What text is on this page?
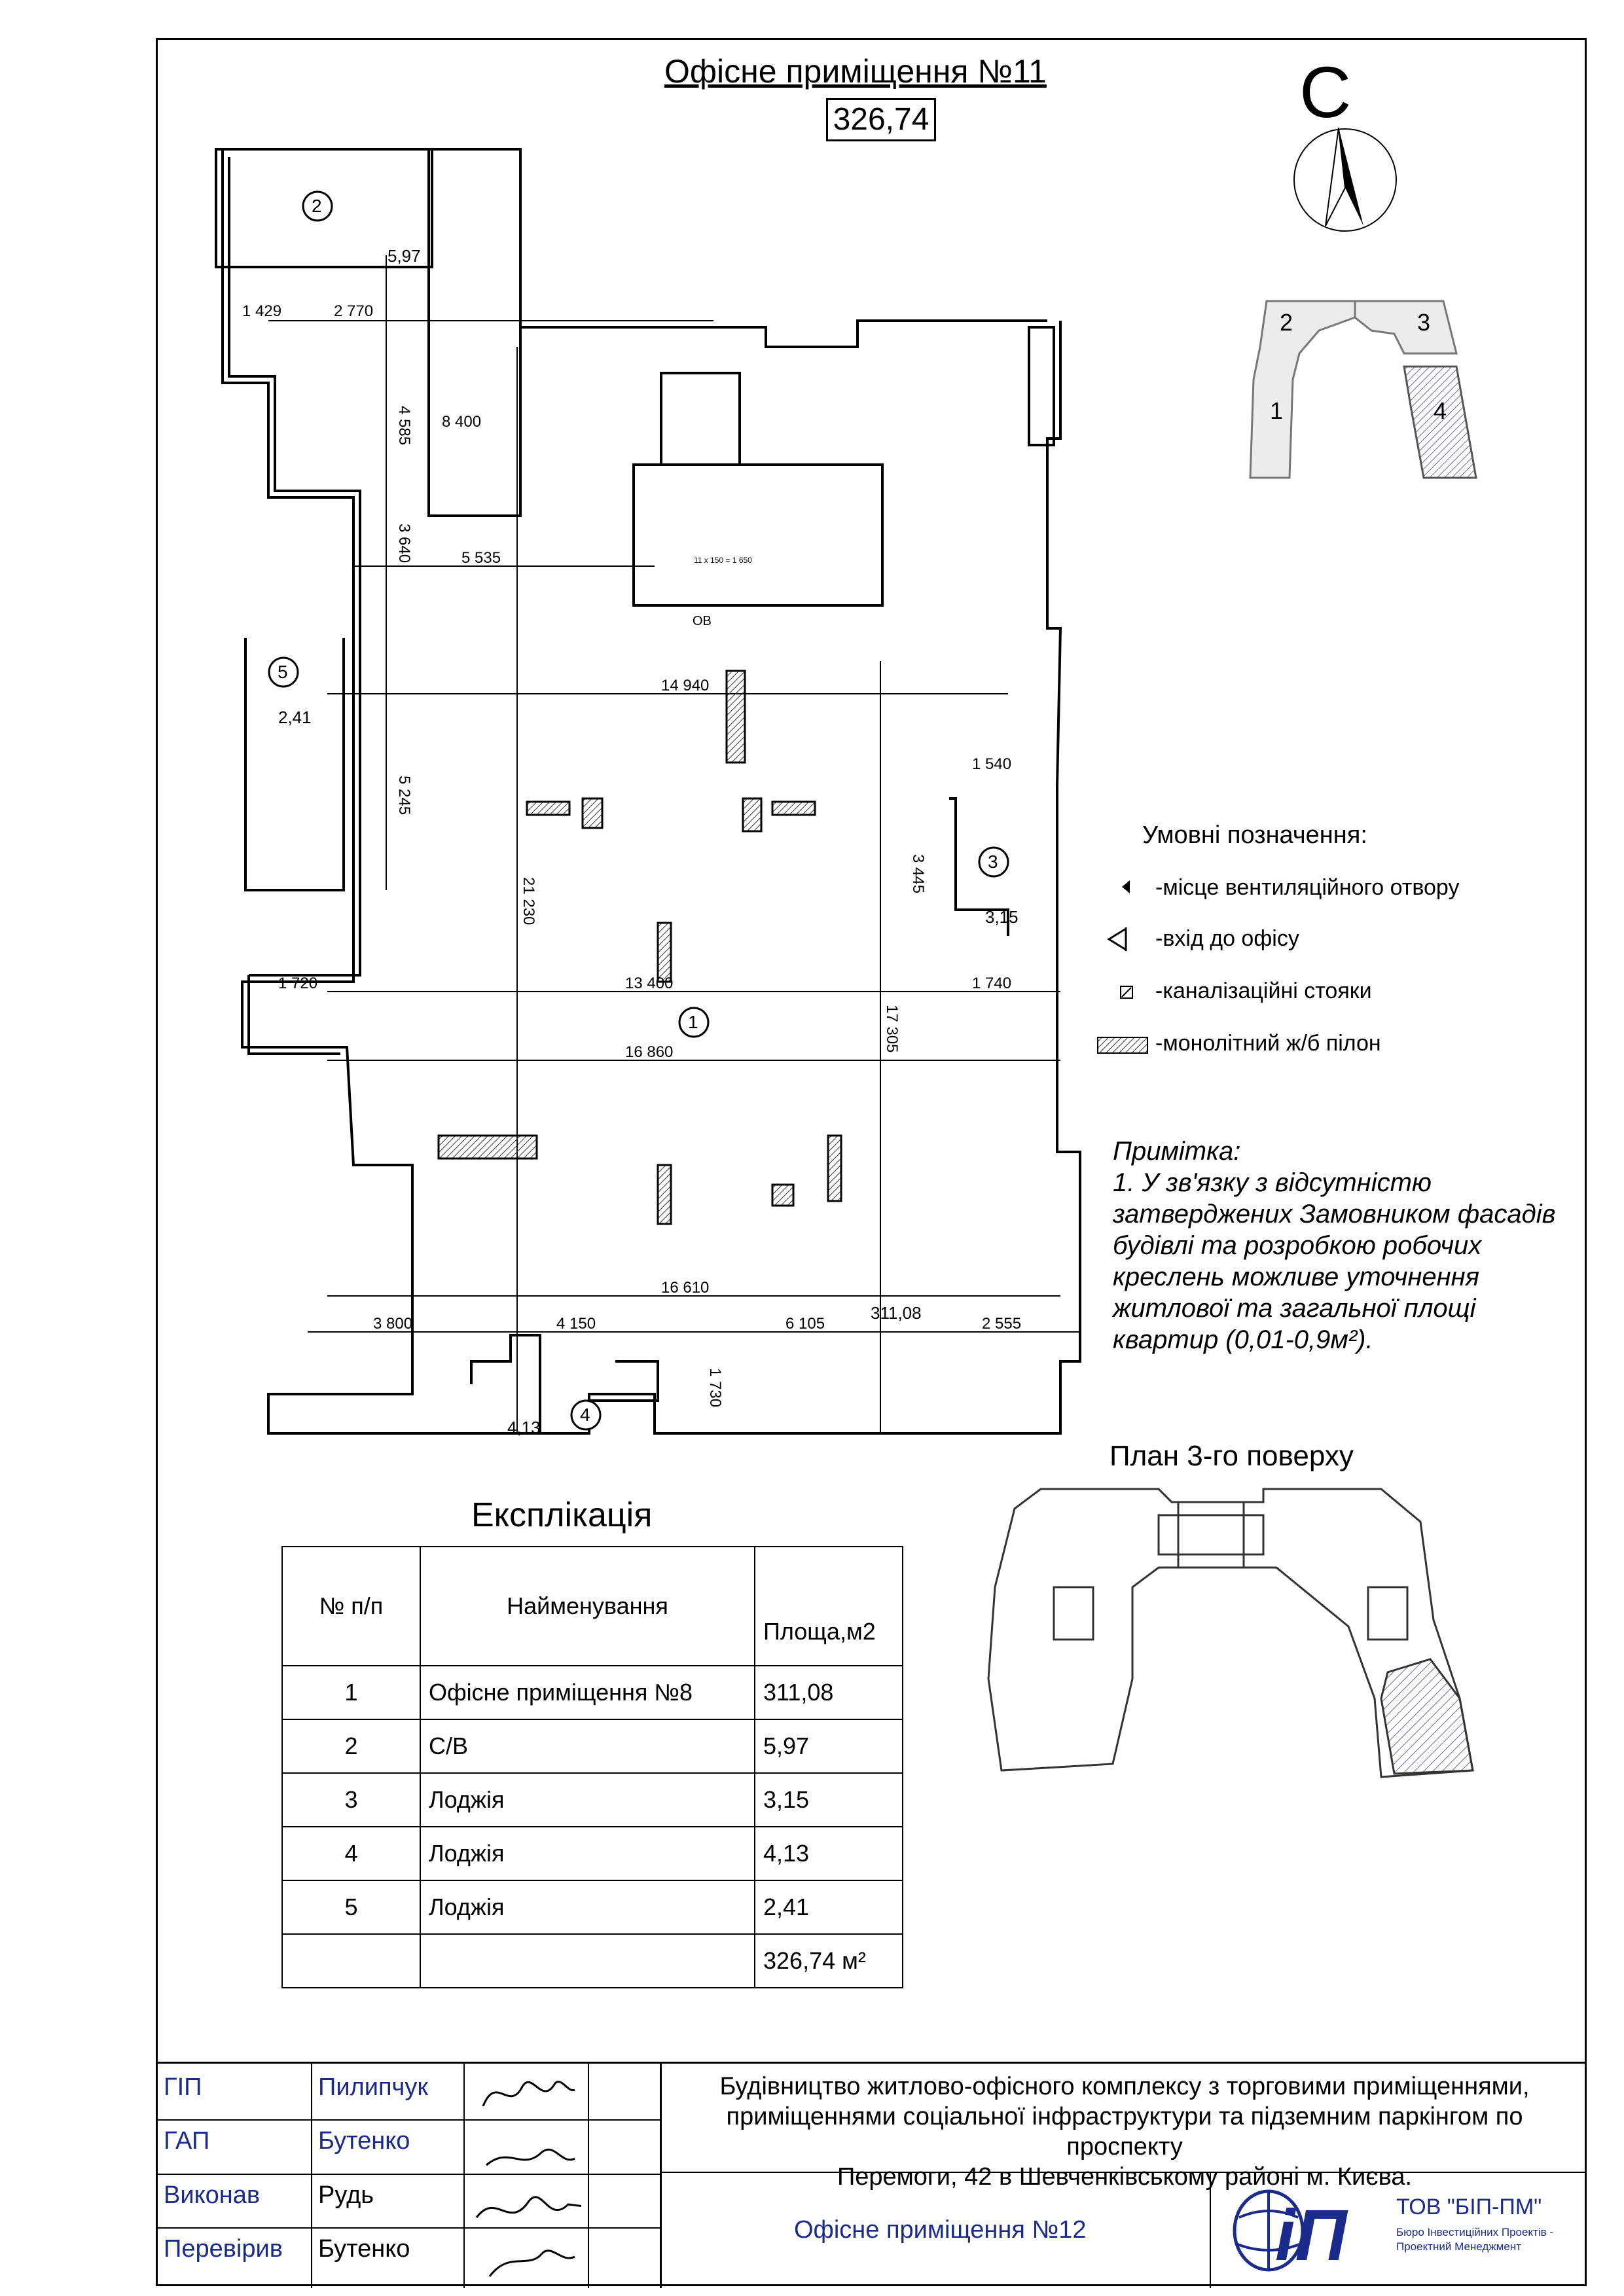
Офісне приміщення №11
326,74	С
1
2	3
4
2
5,97
5
2,41
3
3,15
1
311,08
4
4,13
1 429	2 770
8 400
5 535
14 940
1 540
1 720	13 400	1 740
16 860
16 610
3 800	4 150	6 105	2 555
11 х 150 = 1 650
ОВ
4 585
3 640
5 245
21 230
3 445
17 305
1 730
Умовні позначення:
-місце вентиляційного отвору
-вхід до офісу
-каналізаційні стояки
-монолітний ж/б пілон
Примітка:
1. У зв'язку з відсутністю
затверджених Замовником фасадів
будівлі та розробкою робочих
креслень можливе уточнення
житлової та загальної площі
квартир (0,01-0,9м²).
План 3-го поверху
Експлікація
№ п/п	Найменування	Площа,м2
1	Офісне приміщення №8	311,08
2	С/В	5,97
3	Лоджія	3,15
4	Лоджія	4,13
5	Лоджія	2,41
		326,74 м²
ГІП	Пилипчук
ГАП	Бутенко
Виконав Рудь
Перевірив Бутенко
Будівництво житлово-офісного комплексу з торговими приміщеннями,
приміщеннями соціальної інфраструктури та підземним паркінгом по проспекту
Перемоги, 42 в Шевченківському районі м. Києва.
Офісне приміщення №12	iП ТОВ "БІП-ПМ"
Бюро Інвестиційних Проектів -
Проектний Менеджмент
